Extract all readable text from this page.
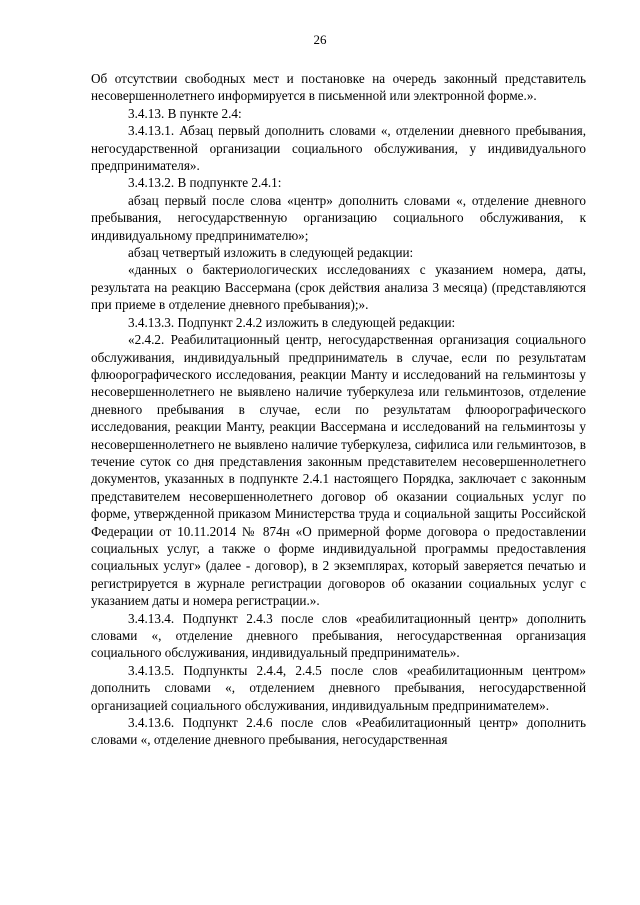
26

Об отсутствии свободных мест и постановке на очередь законный представитель несовершеннолетнего информируется в письменной или электронной форме.».

3.4.13. В пункте 2.4:

3.4.13.1. Абзац первый дополнить словами «, отделении дневного пребывания, негосударственной организации социального обслуживания, у индивидуального предпринимателя».

3.4.13.2. В подпункте 2.4.1:

абзац первый после слова «центр» дополнить словами «, отделение дневного пребывания, негосударственную организацию социального обслуживания, к индивидуальному предпринимателю»;

абзац четвертый изложить в следующей редакции:

«данных о бактериологических исследованиях с указанием номера, даты, результата на реакцию Вассермана (срок действия анализа 3 месяца) (представляются при приеме в отделение дневного пребывания);».

3.4.13.3. Подпункт 2.4.2 изложить в следующей редакции:

«2.4.2. Реабилитационный центр, негосударственная организация социального обслуживания, индивидуальный предприниматель в случае, если по результатам флюорографического исследования, реакции Манту и исследований на гельминтозы у несовершеннолетнего не выявлено наличие туберкулеза или гельминтозов, отделение дневного пребывания в случае, если по результатам флюорографического исследования, реакции Манту, реакции Вассермана и исследований на гельминтозы у несовершеннолетнего не выявлено наличие туберкулеза, сифилиса или гельминтозов, в течение суток со дня представления законным представителем несовершеннолетнего документов, указанных в подпункте 2.4.1 настоящего Порядка, заключает с законным представителем несовершеннолетнего договор об оказании социальных услуг по форме, утвержденной приказом Министерства труда и социальной защиты Российской Федерации от 10.11.2014 № 874н «О примерной форме договора о предоставлении социальных услуг, а также о форме индивидуальной программы предоставления социальных услуг» (далее - договор), в 2 экземплярах, который заверяется печатью и регистрируется в журнале регистрации договоров об оказании социальных услуг с указанием даты и номера регистрации.».

3.4.13.4. Подпункт 2.4.3 после слов «реабилитационный центр» дополнить словами «, отделение дневного пребывания, негосударственная организация социального обслуживания, индивидуальный предприниматель».

3.4.13.5. Подпункты 2.4.4, 2.4.5 после слов «реабилитационным центром» дополнить словами «, отделением дневного пребывания, негосударственной организацией социального обслуживания, индивидуальным предпринимателем».

3.4.13.6. Подпункт 2.4.6 после слов «Реабилитационный центр» дополнить словами «, отделение дневного пребывания, негосударственная
